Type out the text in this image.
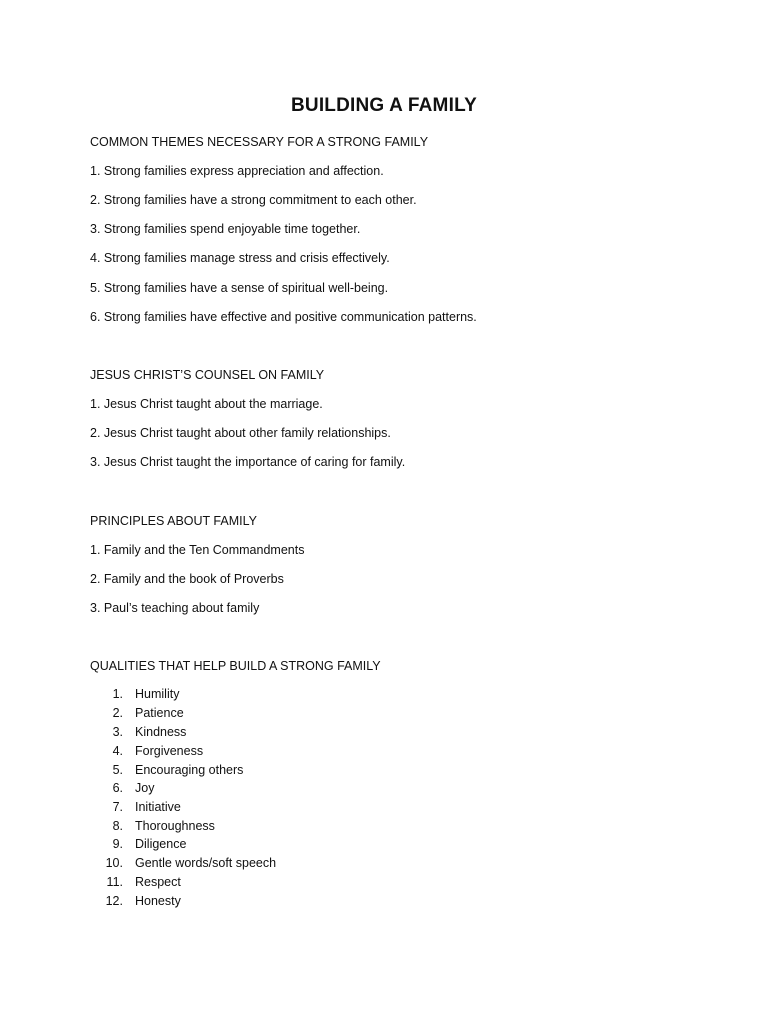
BUILDING A FAMILY
COMMON THEMES NECESSARY FOR A STRONG FAMILY
1. Strong families express appreciation and affection.
2. Strong families have a strong commitment to each other.
3. Strong families spend enjoyable time together.
4. Strong families manage stress and crisis effectively.
5. Strong families have a sense of spiritual well-being.
6. Strong families have effective and positive communication patterns.
JESUS CHRIST’S COUNSEL ON FAMILY
1. Jesus Christ taught about the marriage.
2. Jesus Christ taught about other family relationships.
3. Jesus Christ taught the importance of caring for family.
PRINCIPLES ABOUT FAMILY
1. Family and the Ten Commandments
2. Family and the book of Proverbs
3. Paul’s teaching about family
QUALITIES THAT HELP BUILD A STRONG FAMILY
1. Humility
2. Patience
3. Kindness
4. Forgiveness
5. Encouraging others
6. Joy
7. Initiative
8. Thoroughness
9. Diligence
10. Gentle words/soft speech
11. Respect
12. Honesty
